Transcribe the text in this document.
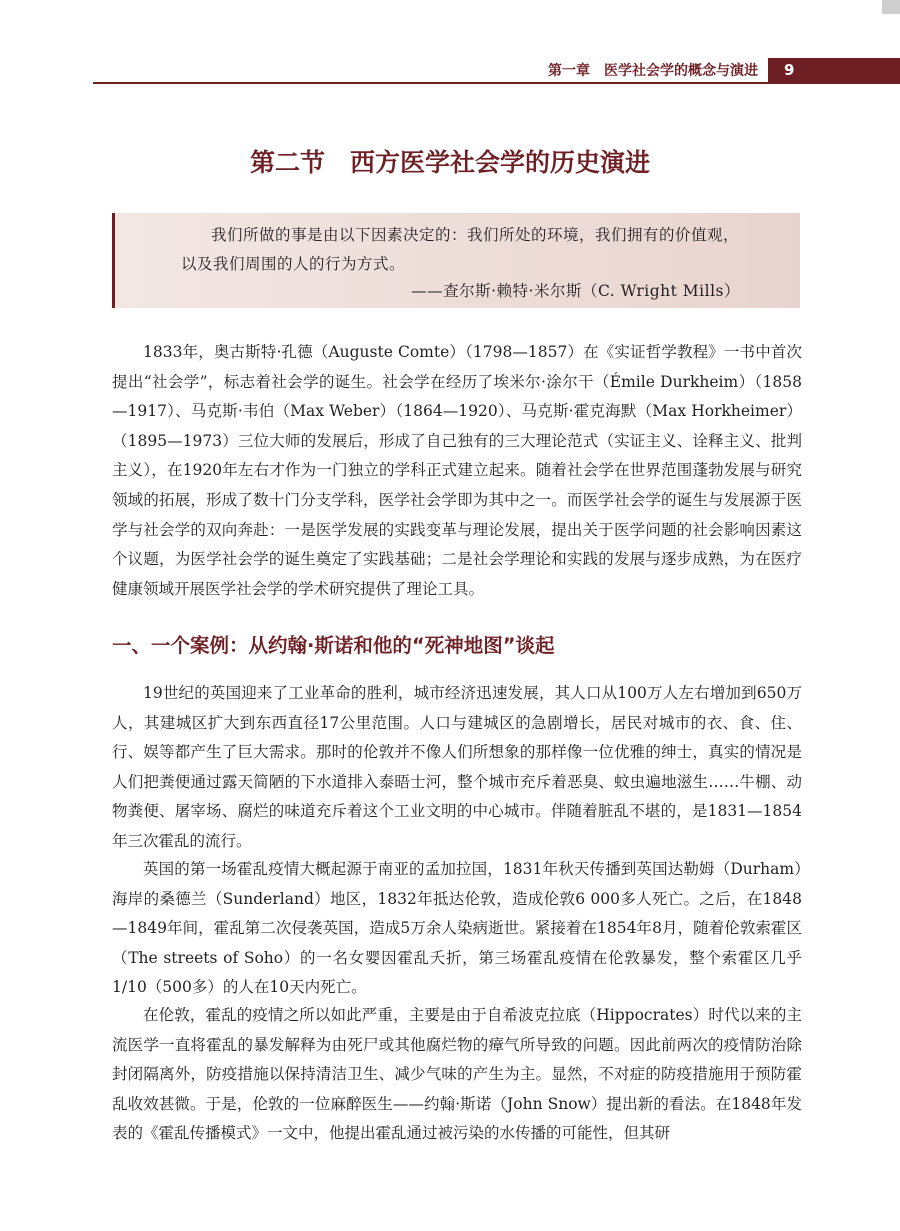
第一章　医学社会学的概念与演进 9
第二节　西方医学社会学的历史演进
我们所做的事是由以下因素决定的：我们所处的环境，我们拥有的价值观，
以及我们周围的人的行为方式。
——查尔斯·赖特·米尔斯（C. Wright Mills）

1833年，奥古斯特·孔德（Auguste Comte）（1798—1857）在《实证哲学教程》一书中首次提出“社会学”，标志着社会学的诞生。社会学在经历了埃米尔·涂尔干（Émile Durkheim）（1858—1917）、马克斯·韦伯（Max Weber）（1864—1920）、马克斯·霍克海默（Max Horkheimer）（1895—1973）三位大师的发展后，形成了自己独有的三大理论范式（实证主义、诠释主义、批判主义），在1920年左右才作为一门独立的学科正式建立起来。随着社会学在世界范围蓬勃发展与研究领域的拓展，形成了数十门分支学科，医学社会学即为其中之一。而医学社会学的诞生与发展源于医学与社会学的双向奔赴：一是医学发展的实践变革与理论发展，提出关于医学问题的社会影响因素这个议题，为医学社会学的诞生奠定了实践基础；二是社会学理论和实践的发展与逐步成熟，为在医疗健康领域开展医学社会学的学术研究提供了理论工具。

一、一个案例：从约翰·斯诺和他的“死神地图”谈起

19世纪的英国迎来了工业革命的胜利，城市经济迅速发展，其人口从100万人左右增加到650万人，其建城区扩大到东西直径17公里范围。人口与建城区的急剧增长，居民对城市的衣、食、住、行、娱等都产生了巨大需求。那时的伦敦并不像人们所想象的那样像一位优雅的绅士，真实的情况是人们把粪便通过露天简陋的下水道排入泰晤士河，整个城市充斥着恶臭、蚊虫遍地滋生……牛棚、动物粪便、屠宰场、腐烂的味道充斥着这个工业文明的中心城市。伴随着脏乱不堪的，是1831—1854年三次霍乱的流行。

英国的第一场霍乱疫情大概起源于南亚的孟加拉国，1831年秋天传播到英国达勒姆（Durham）海岸的桑德兰（Sunderland）地区，1832年抵达伦敦，造成伦敦6 000多人死亡。之后，在1848—1849年间，霍乱第二次侵袭英国，造成5万余人染病逝世。紧接着在1854年8月，随着伦敦索霍区（The streets of Soho）的一名女婴因霍乱夭折，第三场霍乱疫情在伦敦暴发，整个索霍区几乎1/10（500多）的人在10天内死亡。

在伦敦，霍乱的疫情之所以如此严重，主要是由于自希波克拉底（Hippocrates）时代以来的主流医学一直将霍乱的暴发解释为由死尸或其他腐烂物的瘴气所导致的问题。因此前两次的疫情防治除封闭隔离外，防疫措施以保持清洁卫生、减少气味的产生为主。显然，不对症的防疫措施用于预防霍乱收效甚微。于是，伦敦的一位麻醉医生——约翰·斯诺（John Snow）提出新的看法。在1848年发表的《霍乱传播模式》一文中，他提出霍乱通过被污染的水传播的可能性，但其研
